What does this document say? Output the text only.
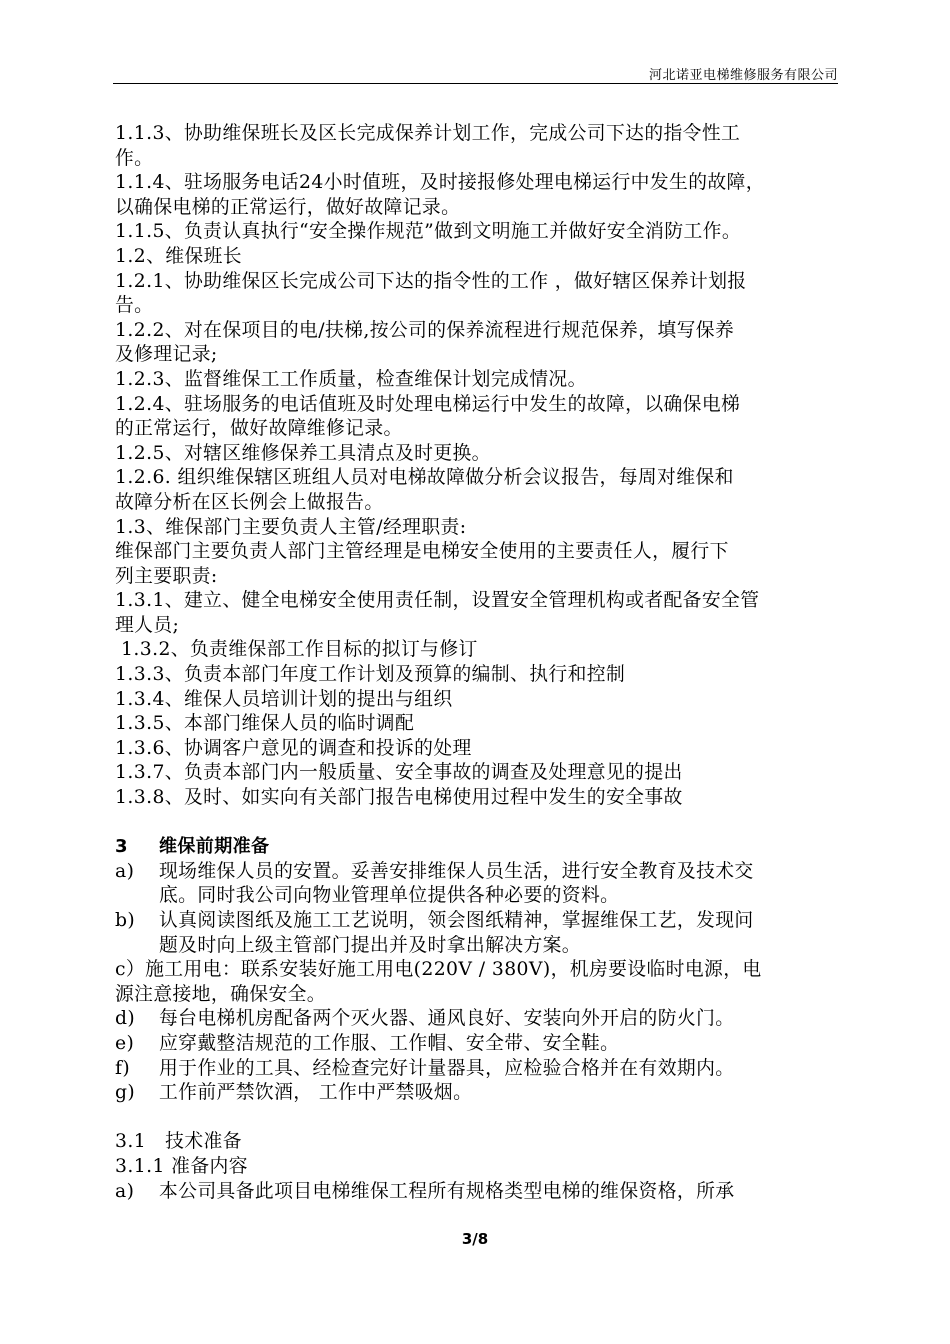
河北诺亚电梯维修服务有限公司
1.1.3、协助维保班长及区长完成保养计划工作，完成公司下达的指令性工
作。
1.1.4、驻场服务电话24小时值班，及时接报修处理电梯运行中发生的故障，
以确保电梯的正常运行，做好故障记录。
1.1.5、负责认真执行“安全操作规范”做到文明施工并做好安全消防工作。
1.2、维保班长
1.2.1、协助维保区长完成公司下达的指令性的工作 ，做好辖区保养计划报
告。
1.2.2、对在保项目的电/扶梯,按公司的保养流程进行规范保养，填写保养
及修理记录;
1.2.3、监督维保工工作质量，检查维保计划完成情况。
1.2.4、驻场服务的电话值班及时处理电梯运行中发生的故障，以确保电梯
的正常运行，做好故障维修记录。
1.2.5、对辖区维修保养工具清点及时更换。
1.2.6. 组织维保辖区班组人员对电梯故障做分析会议报告，每周对维保和
故障分析在区长例会上做报告。
1.3、维保部门主要负责人主管/经理职责:
维保部门主要负责人部门主管经理是电梯安全使用的主要责任人，履行下
列主要职责:
1.3.1、建立、健全电梯安全使用责任制，设置安全管理机构或者配备安全管
理人员;
1.3.2、负责维保部工作目标的拟订与修订
1.3.3、负责本部门年度工作计划及预算的编制、执行和控制
1.3.4、维保人员培训计划的提出与组织
1.3.5、本部门维保人员的临时调配
1.3.6、协调客户意见的调查和投诉的处理
1.3.7、负责本部门内一般质量、安全事故的调查及处理意见的提出
1.3.8、及时、如实向有关部门报告电梯使用过程中发生的安全事故
3 维保前期准备
a)	现场维保人员的安置。妥善安排维保人员生活，进行安全教育及技术交
底。同时我公司向物业管理单位提供各种必要的资料。
b)	认真阅读图纸及施工工艺说明，领会图纸精神，掌握维保工艺，发现问
题及时向上级主管部门提出并及时拿出解决方案。
c）施工用电：联系安装好施工用电(220V / 380V)，机房要设临时电源，电
源注意接地，确保安全。
d)	每台电梯机房配备两个灭火器、通风良好、安装向外开启的防火门。
e)	应穿戴整洁规范的工作服、工作帽、安全带、安全鞋。
f)	用于作业的工具、经检查完好计量器具，应检验合格并在有效期内。
g)	工作前严禁饮酒， 工作中严禁吸烟。
3.1   技术准备
3.1.1 准备内容
a)	本公司具备此项目电梯维保工程所有规格类型电梯的维保资格，所承
3/8
